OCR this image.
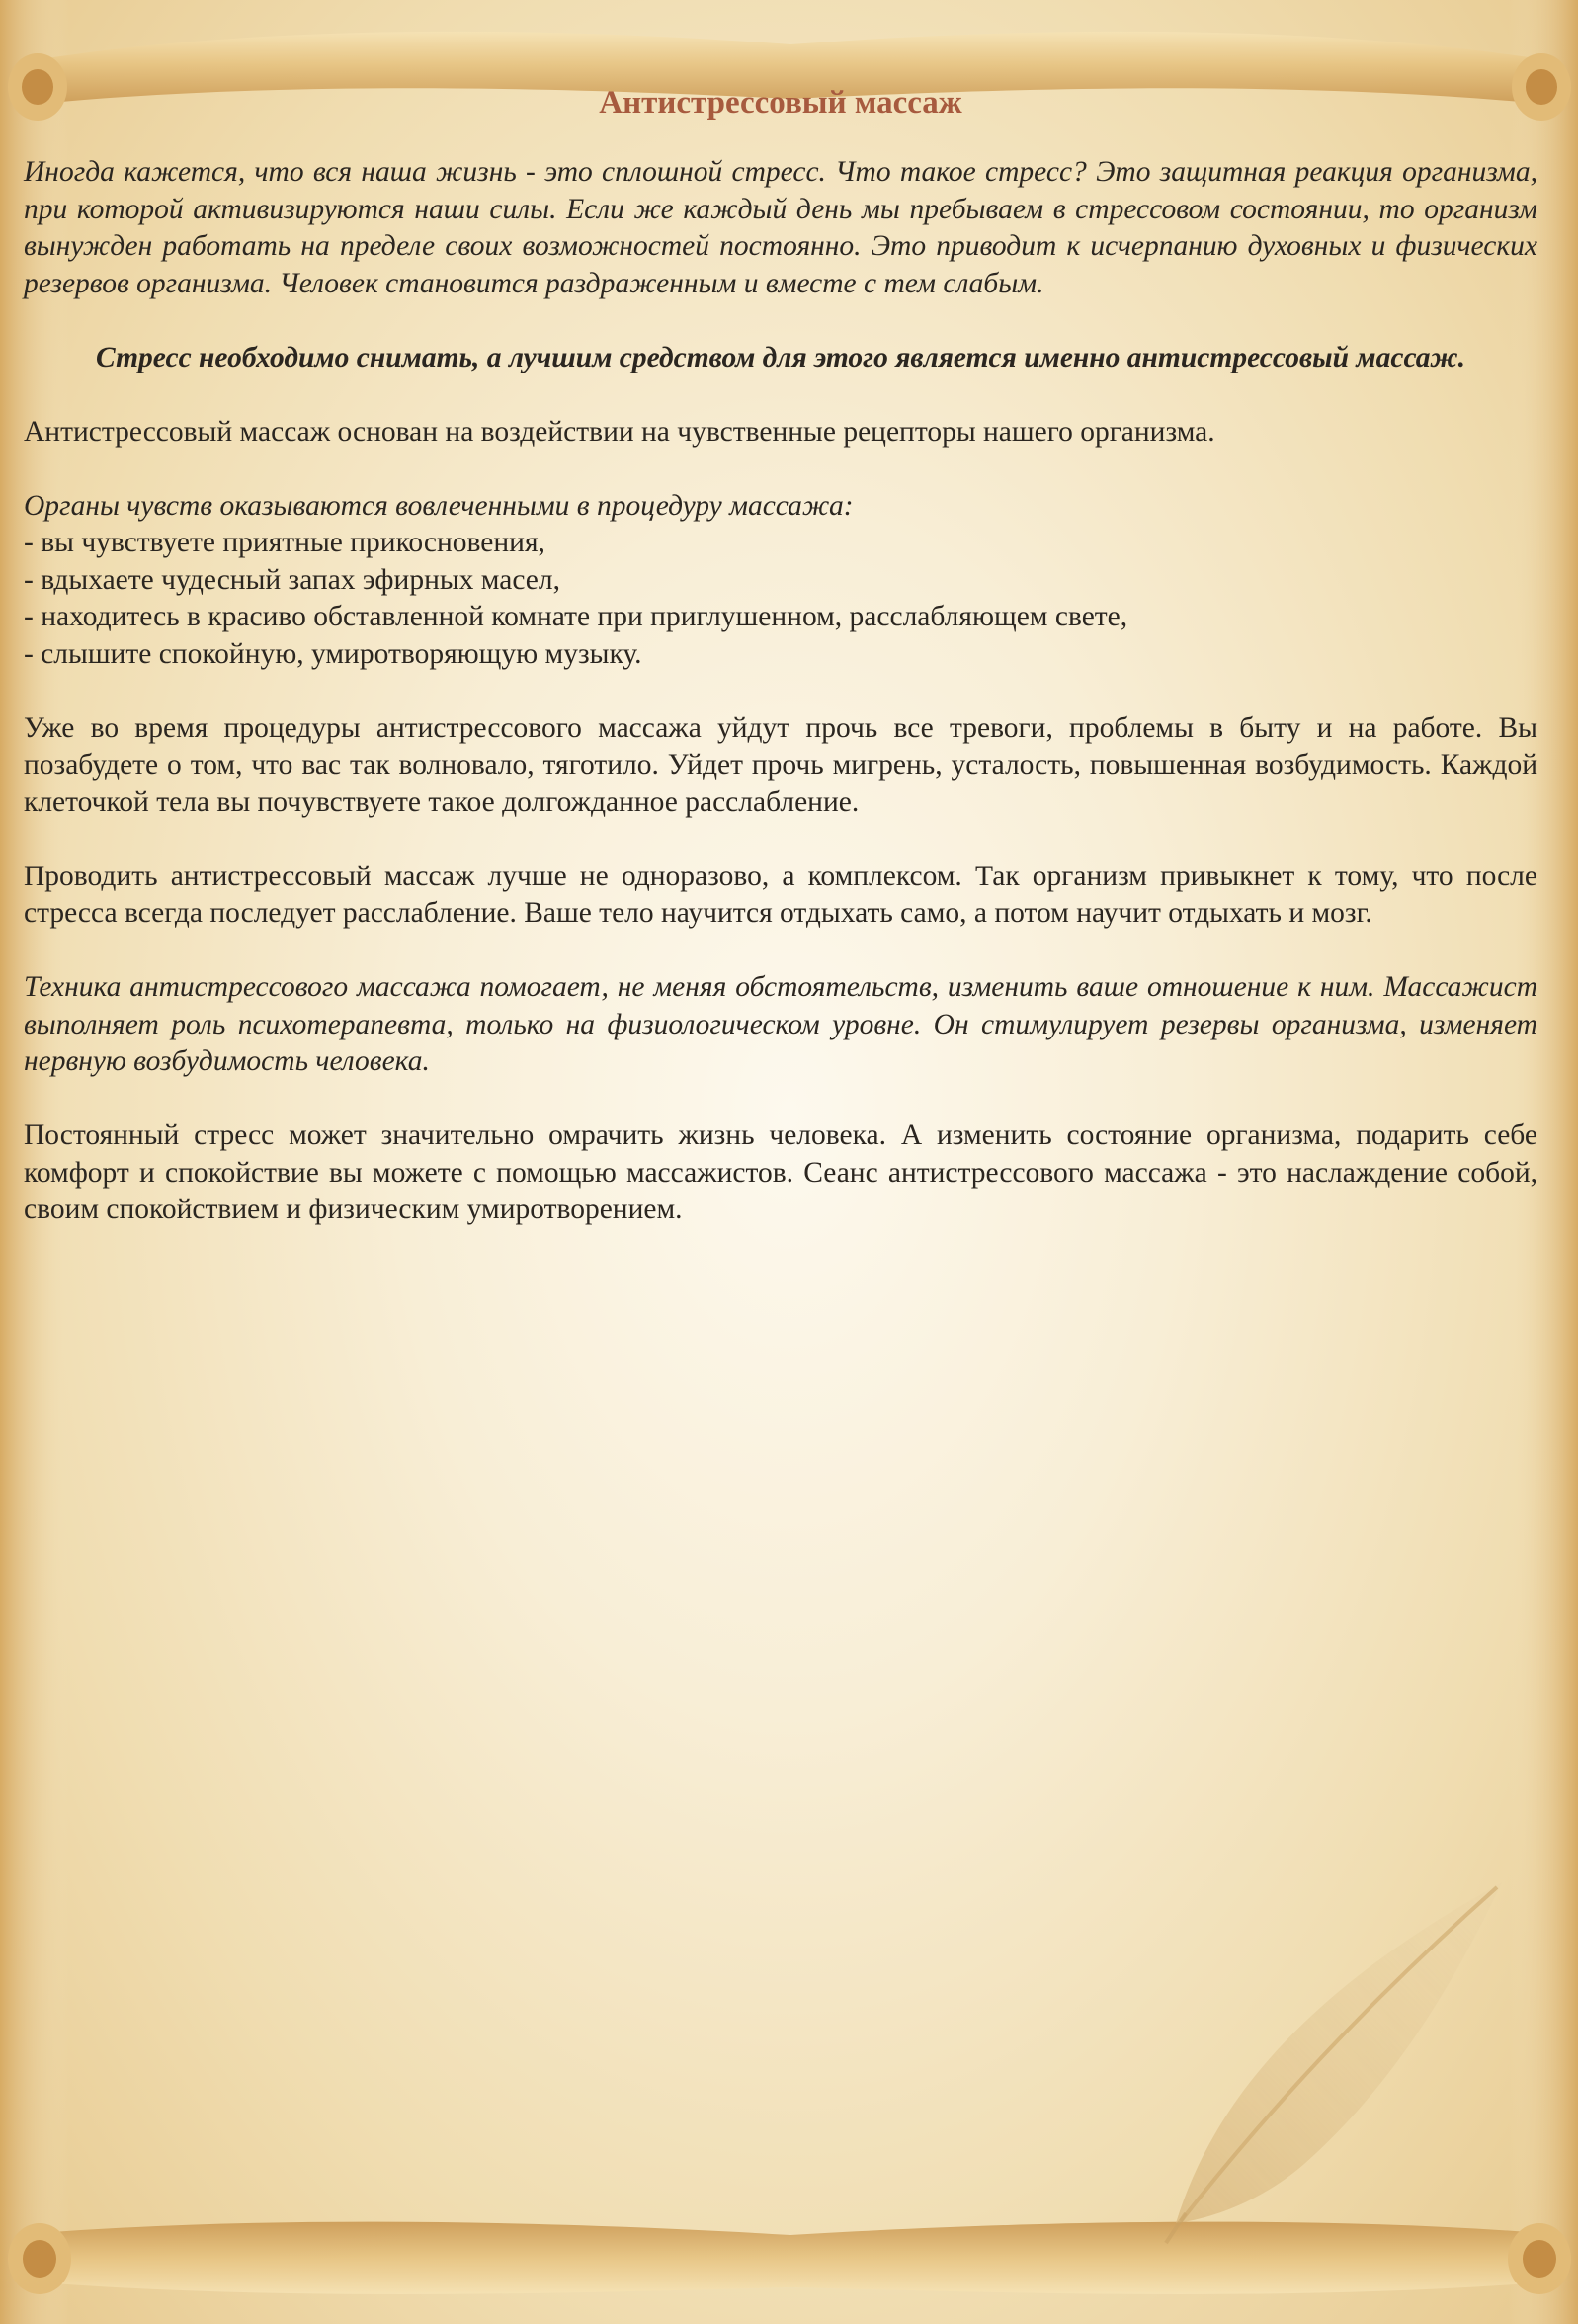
Антистрессовый массаж

Иногда кажется, что вся наша жизнь - это сплошной стресс. Что такое стресс? Это защитная реакция организма, при которой активизируются наши силы. Если же каждый день мы пребываем в стрессовом состоянии, то организм вынужден работать на пределе своих возможностей постоянно. Это приводит к исчерпанию духовных и физических резервов организма. Человек становится раздраженным и вместе с тем слабым.

Стресс необходимо снимать, а лучшим средством для этого является именно антистрессовый массаж.

Антистрессовый массаж основан на воздействии на чувственные рецепторы нашего организма.

Органы чувств оказываются вовлеченными в процедуру массажа:
- вы чувствуете приятные прикосновения,
- вдыхаете чудесный запах эфирных масел,
- находитесь в красиво обставленной комнате при приглушенном, расслабляющем свете,
- слышите спокойную, умиротворяющую музыку.

Уже во время процедуры антистрессового массажа уйдут прочь все тревоги, проблемы в быту и на работе. Вы позабудете о том, что вас так волновало, тяготило. Уйдет прочь мигрень, усталость, повышенная возбудимость. Каждой клеточкой тела вы почувствуете такое долгожданное расслабление.

Проводить антистрессовый массаж лучше не одноразово, а комплексом. Так организм привыкнет к тому, что после стресса всегда последует расслабление. Ваше тело научится отдыхать само, а потом научит отдыхать и мозг.

Техника антистрессового массажа помогает, не меняя обстоятельств, изменить ваше отношение к ним. Массажист выполняет роль психотерапевта, только на физиологическом уровне. Он стимулирует резервы организма, изменяет нервную возбудимость человека.

Постоянный стресс может значительно омрачить жизнь человека. А изменить состояние организма, подарить себе комфорт и спокойствие вы можете с помощью массажистов. Сеанс антистрессового массажа - это наслаждение собой, своим спокойствием и физическим умиротворением.
